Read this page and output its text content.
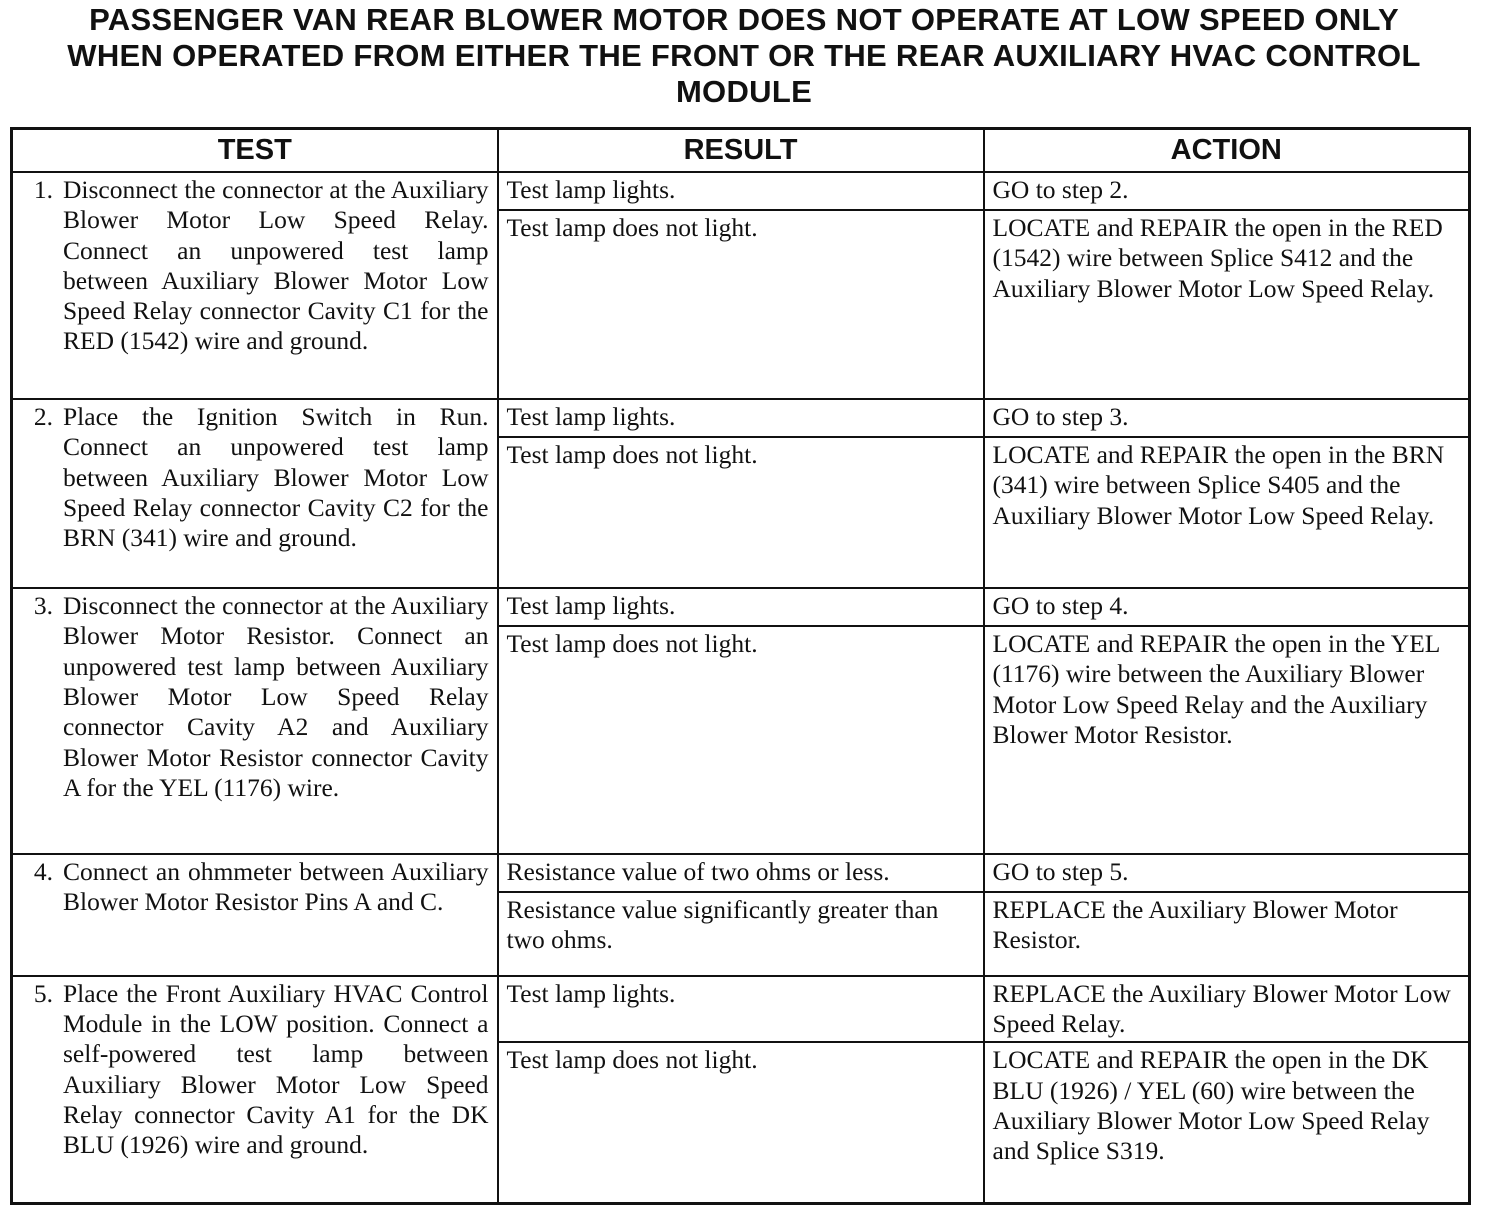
PASSENGER VAN REAR BLOWER MOTOR DOES NOT OPERATE AT LOW SPEED ONLY
WHEN OPERATED FROM EITHER THE FRONT OR THE REAR AUXILIARY HVAC CONTROL
MODULE
TEST	RESULT	ACTION

1. Disconnect the connector at the Auxiliary Blower Motor Low Speed Relay. Connect an unpowered test lamp between Auxiliary Blower Motor Low Speed Relay connector Cavity C1 for the RED (1542) wire and ground.	Test lamp lights.	GO to step 2.
	Test lamp does not light.	LOCATE and REPAIR the open in the RED (1542) wire between Splice S412 and the Auxiliary Blower Motor Low Speed Relay.

2. Place the Ignition Switch in Run. Connect an unpowered test lamp between Auxiliary Blower Motor Low Speed Relay connector Cavity C2 for the BRN (341) wire and ground.	Test lamp lights.	GO to step 3.
	Test lamp does not light.	LOCATE and REPAIR the open in the BRN (341) wire between Splice S405 and the Auxiliary Blower Motor Low Speed Relay.

3. Disconnect the connector at the Auxiliary Blower Motor Resistor. Connect an unpowered test lamp between Auxiliary Blower Motor Low Speed Relay connector Cavity A2 and Auxiliary Blower Motor Resistor connector Cavity A for the YEL (1176) wire.	Test lamp lights.	GO to step 4.
	Test lamp does not light.	LOCATE and REPAIR the open in the YEL (1176) wire between the Auxiliary Blower Motor Low Speed Relay and the Auxiliary Blower Motor Resistor.

4. Connect an ohmmeter between Auxiliary Blower Motor Resistor Pins A and C.	Resistance value of two ohms or less.	GO to step 5.
	Resistance value significantly greater than two ohms.	REPLACE the Auxiliary Blower Motor Resistor.

5. Place the Front Auxiliary HVAC Control Module in the LOW position. Connect a self-powered test lamp between Auxiliary Blower Motor Low Speed Relay connector Cavity A1 for the DK BLU (1926) wire and ground.	Test lamp lights.	REPLACE the Auxiliary Blower Motor Low Speed Relay.
	Test lamp does not light.	LOCATE and REPAIR the open in the DK BLU (1926) / YEL (60) wire between the Auxiliary Blower Motor Low Speed Relay and Splice S319.
